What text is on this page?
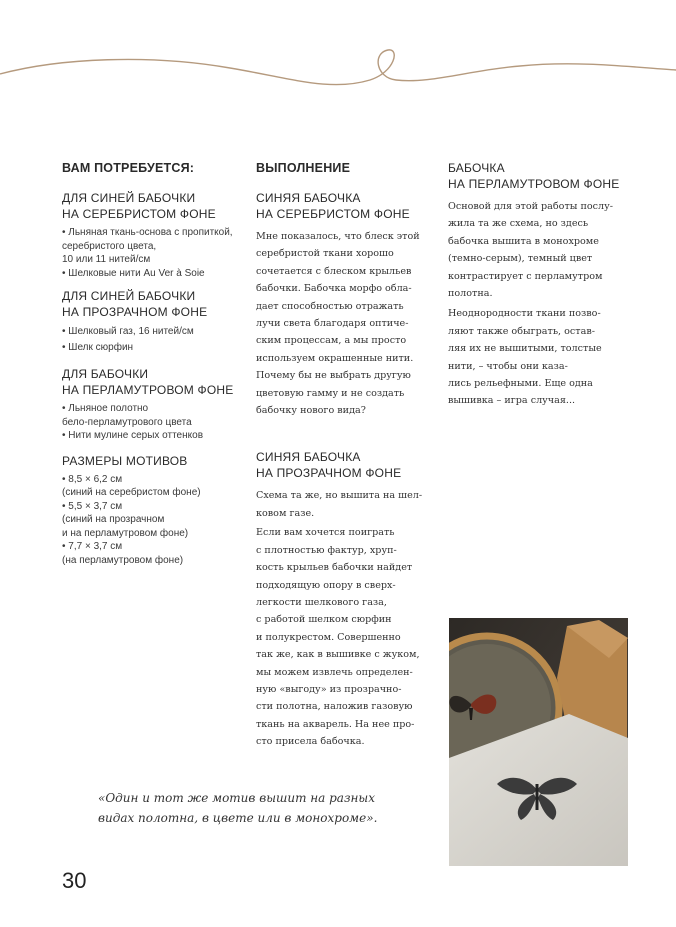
ВАМ ПОТРЕБУЕТСЯ:

ДЛЯ СИНЕЙ БАБОЧКИ

НА СЕРЕБРИСТОМ ФОНЕ

• Льняная ткань-основа с пропиткой,
серебристого цвета,
10 или 11 нитей/см
• Шелковые нити Au Ver à Soie

ДЛЯ СИНЕЙ БАБОЧКИ

НА ПРОЗРАЧНОМ ФОНЕ

• Шелковый газ, 16 нитей/см
• Шелк сюрфин

ДЛЯ БАБОЧКИ

НА ПЕРЛАМУТРОВОМ ФОНЕ

• Льняное полотно
бело-перламутрового цвета
• Нити мулине серых оттенков

РАЗМЕРЫ МОТИВОВ

• 8,5 × 6,2 см
(синий на серебристом фоне)
• 5,5 × 3,7 см
(синий на прозрачном
и на перламутровом фоне)
• 7,7 × 3,7 см
(на перламутровом фоне)

ВЫПОЛНЕНИЕ

СИНЯЯ БАБОЧКА

НА СЕРЕБРИСТОМ ФОНЕ

Мне показалось, что блеск этой
серебристой ткани хорошо
сочетается с блеском крыльев
бабочки. Бабочка морфо обла-
дает способностью отражать
лучи света благодаря оптиче-
ским процессам, а мы просто
используем окрашенные нити.
Почему бы не выбрать другую
цветовую гамму и не создать
бабочку нового вида?

СИНЯЯ БАБОЧКА

НА ПРОЗРАЧНОМ ФОНЕ

Схема та же, но вышита на шел-
ковом газе.
Если вам хочется поиграть
с плотностью фактур, хруп-
кость крыльев бабочки найдет
подходящую опору в сверх-
легкости шелкового газа,
с работой шелком сюрфин
и полукрестом. Совершенно
так же, как в вышивке с жуком,
мы можем извлечь определен-
ную «выгоду» из прозрачно-
сти полотна, наложив газовую
ткань на акварель. На нее про-
сто присела бабочка.

БАБОЧКА

НА ПЕРЛАМУТРОВОМ ФОНЕ

Основой для этой работы послу-
жила та же схема, но здесь
бабочка вышита в монохроме
(темно-серым), темный цвет
контрастирует с перламутром
полотна.
Неоднородности ткани позво-
ляют также обыграть, остав-
ляя их не вышитыми, толстые
нити, – чтобы они каза-
лись рельефными. Еще одна
вышивка – игра случая...
«Один и тот же мотив вышит на разных
видах полотна, в цвете или в монохроме».
30
